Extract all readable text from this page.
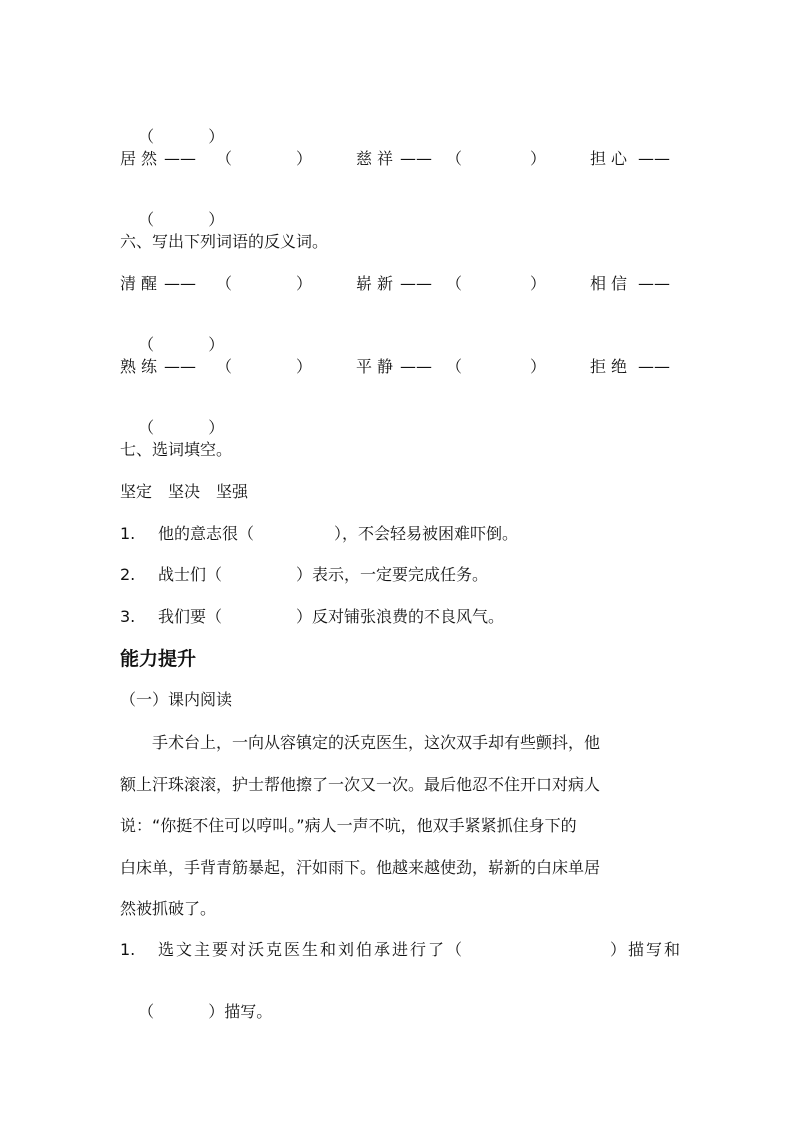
（	）

居然 —— （	）	慈祥 —— （	）	担心 ——

（	）

六、写出下列词语的反义词。
清醒 —— （	）	崭新 —— （	）	相信 ——

（	）

熟练 —— （	）	平静 —— （	）	拒绝 ——

（	）

七、选词填空。
坚定　坚决　坚强
1. 他的意志很（	），不会轻易被困难吓倒。
2. 战士们（	）表示，一定要完成任务。
3. 我们要（	）反对铺张浪费的不良风气。
能力提升
（一）课内阅读

　　手术台上，一向从容镇定的沃克医生，这次双手却有些颤抖，他

额上汗珠滚滚，护士帮他擦了一次又一次。最后他忍不住开口对病人

说：“你挺不住可以哼叫。”病人一声不吭，他双手紧紧抓住身下的

白床单，手背青筋暴起，汗如雨下。他越来越使劲，崭新的白床单居

然被抓破了。

1. 选文主要对沃克医生和刘伯承进行了（	）描写和

（	）描写。
